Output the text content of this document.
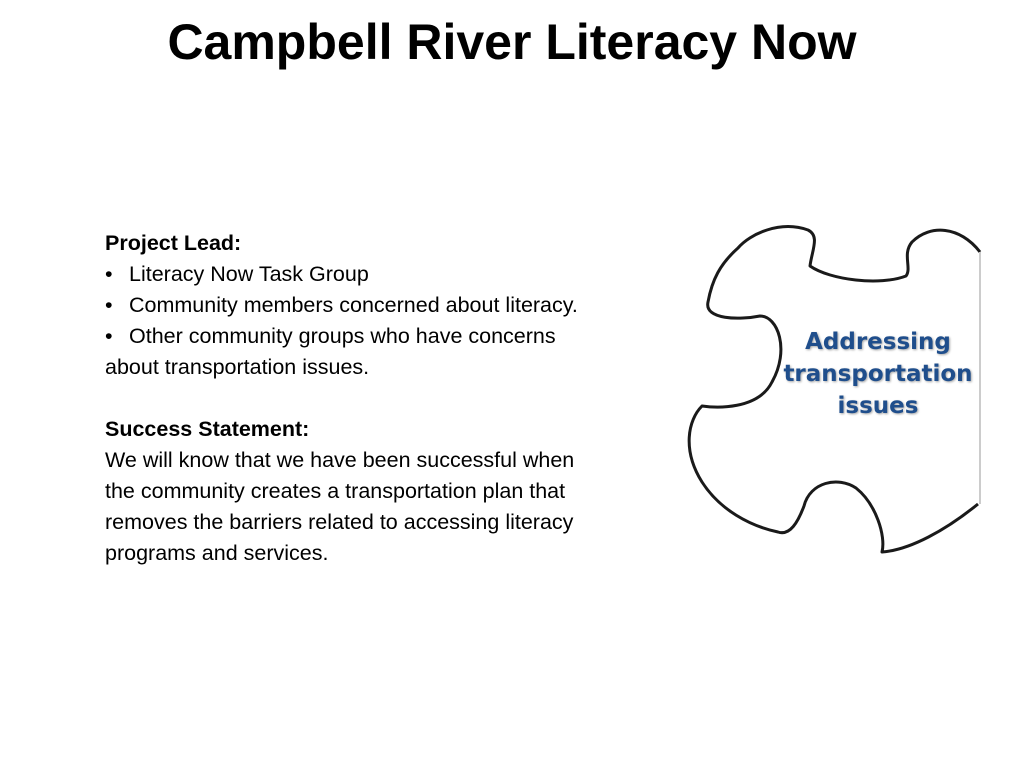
Campbell River Literacy Now
Project Lead:
• Literacy Now Task Group
• Community members concerned about literacy.
• Other community groups who have concerns
about transportation issues.
Success Statement:
We will know that we have been successful when
the community creates a transportation plan that
removes the barriers related to accessing literacy
programs and services.
Addressing
transportation
issues
